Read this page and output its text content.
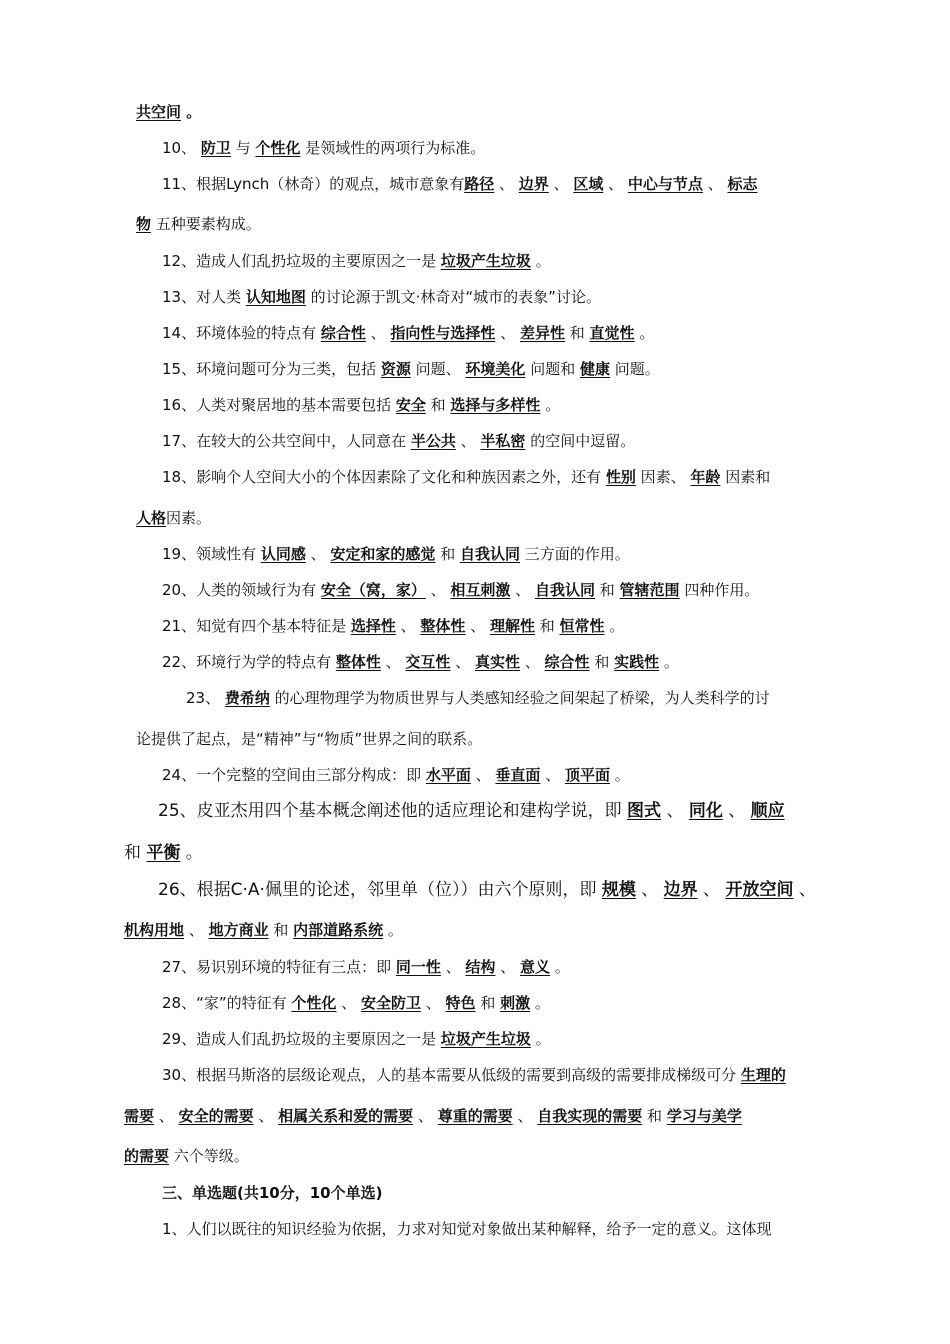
共空间 。
10、 防卫 与 个性化 是领域性的两项行为标准。
11、根据Lynch（林奇）的观点，城市意象有路径 、 边界 、 区域 、 中心与节点 、 标志
物 五种要素构成。
12、造成人们乱扔垃圾的主要原因之一是 垃圾产生垃圾 。
13、对人类 认知地图 的讨论源于凯文·林奇对“城市的表象”讨论。
14、环境体验的特点有 综合性 、 指向性与选择性 、 差异性 和 直觉性 。
15、环境问题可分为三类，包括 资源 问题、 环境美化 问题和 健康 问题。
16、人类对聚居地的基本需要包括 安全 和 选择与多样性 。
17、在较大的公共空间中，人同意在 半公共 、 半私密 的空间中逗留。
18、影响个人空间大小的个体因素除了文化和种族因素之外，还有 性别 因素、 年龄 因素和
人格因素。
19、领域性有 认同感 、 安定和家的感觉 和 自我认同 三方面的作用。
20、人类的领域行为有 安全（窝，家） 、 相互刺激 、 自我认同 和 管辖范围 四种作用。
21、知觉有四个基本特征是 选择性 、 整体性 、 理解性 和 恒常性 。
22、环境行为学的特点有 整体性 、 交互性 、 真实性 、 综合性 和 实践性 。
23、 费希纳 的心理物理学为物质世界与人类感知经验之间架起了桥梁，为人类科学的讨
论提供了起点，是“精神”与“物质”世界之间的联系。
24、一个完整的空间由三部分构成：即 水平面 、 垂直面 、 顶平面 。
25、皮亚杰用四个基本概念阐述他的适应理论和建构学说，即 图式 、 同化 、 顺应
和 平衡 。
26、根据C·A·佩里的论述，邻里单（位））由六个原则，即 规模 、 边界 、 开放空间 、
机构用地 、 地方商业 和 内部道路系统 。
27、易识别环境的特征有三点：即 同一性 、 结构 、 意义 。
28、“家”的特征有 个性化 、 安全防卫 、 特色 和 刺激 。
29、造成人们乱扔垃圾的主要原因之一是 垃圾产生垃圾 。
30、根据马斯洛的层级论观点，人的基本需要从低级的需要到高级的需要排成梯级可分 生理的
需要 、 安全的需要 、 相属关系和爱的需要 、 尊重的需要 、 自我实现的需要 和 学习与美学
的需要 六个等级。
三、单选题(共10分，10个单选)
1、人们以既往的知识经验为依据，力求对知觉对象做出某种解释，给予一定的意义。这体现
